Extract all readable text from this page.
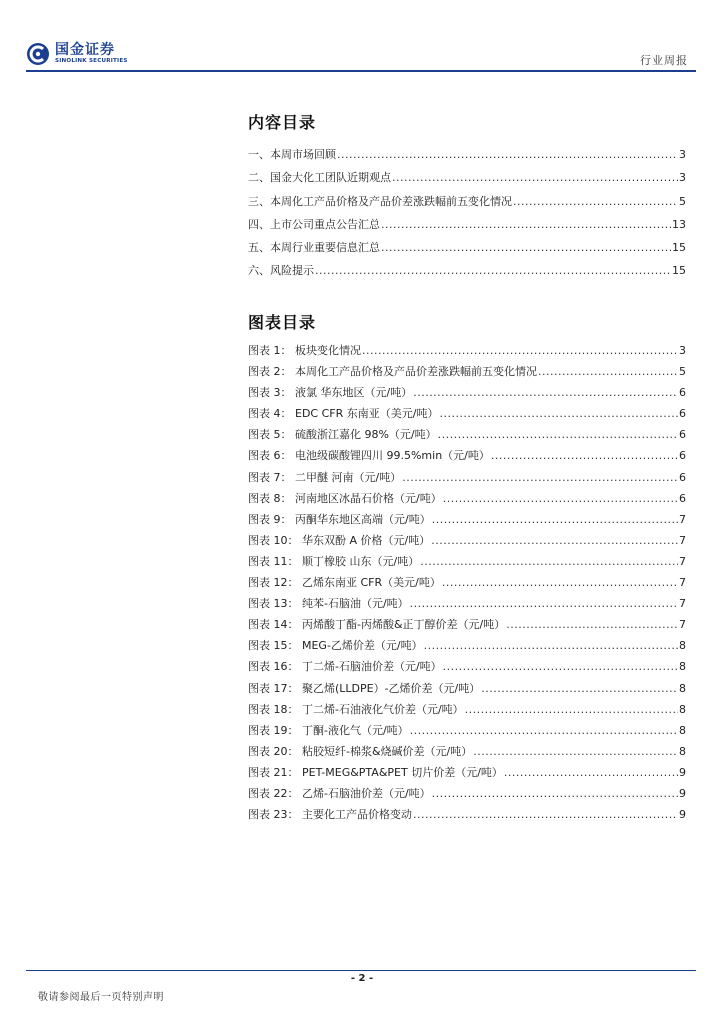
国金证券
SINOLINK SECURITIES	行业周报
内容目录
一、本周市场回顾 .....	3
二、国金大化工团队近期观点 .....	3
三、本周化工产品价格及产品价差涨跌幅前五变化情况 .....	5
四、上市公司重点公告汇总 .....	13
五、本周行业重要信息汇总 .....	15
六、风险提示 .....	15
图表目录
图表 1： 板块变化情况 .....	3
图表 2： 本周化工产品价格及产品价差涨跌幅前五变化情况 .....	5
图表 3： 液氯 华东地区（元/吨） .....	6
图表 4： EDC CFR 东南亚（美元/吨） .....	6
图表 5： 硫酸浙江嘉化 98%（元/吨） .....	6
图表 6： 电池级碳酸锂四川 99.5%min（元/吨） .....	6
图表 7： 二甲醚 河南（元/吨） .....	6
图表 8： 河南地区冰晶石价格（元/吨） .....	6
图表 9： 丙酮华东地区高端（元/吨） .....	7
图表 10： 华东双酚 A 价格（元/吨） .....	7
图表 11： 顺丁橡胶 山东（元/吨） .....	7
图表 12： 乙烯东南亚 CFR（美元/吨） .....	7
图表 13： 纯苯-石脑油（元/吨） .....	7
图表 14： 丙烯酸丁酯-丙烯酸&正丁醇价差（元/吨） .....	7
图表 15： MEG-乙烯价差（元/吨） .....	8
图表 16： 丁二烯-石脑油价差（元/吨） .....	8
图表 17： 聚乙烯(LLDPE）-乙烯价差（元/吨） .....	8
图表 18： 丁二烯-石油液化气价差（元/吨） .....	8
图表 19： 丁酮-液化气（元/吨） .....	8
图表 20： 粘胶短纤-棉浆&烧碱价差（元/吨） .....	8
图表 21： PET-MEG&PTA&PET 切片价差（元/吨） .....	9
图表 22： 乙烯-石脑油价差（元/吨） .....	9
图表 23： 主要化工产品价格变动 .....	9
- 2 -
敬请参阅最后一页特别声明
